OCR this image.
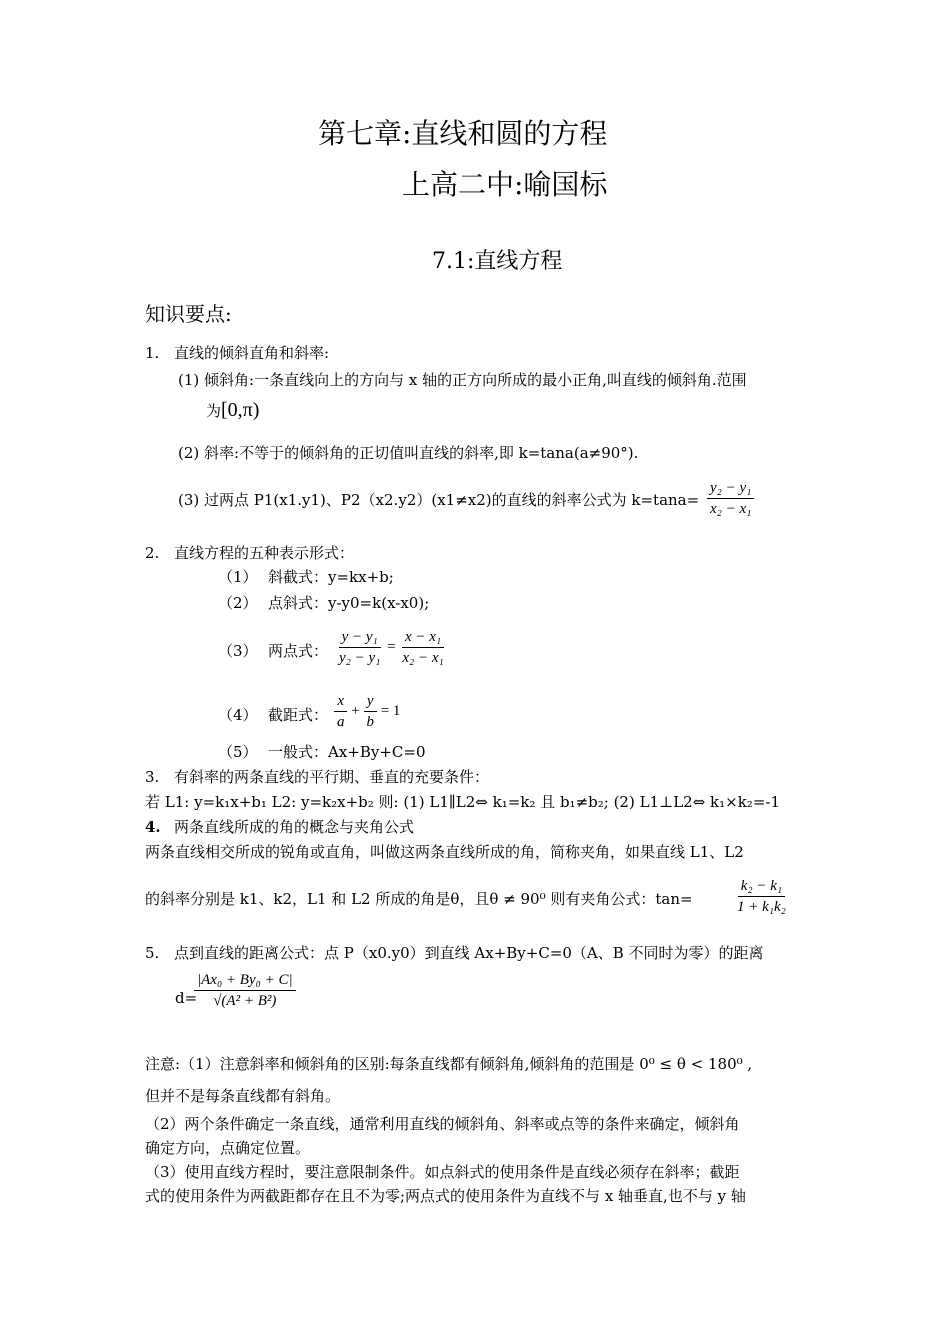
第七章:直线和圆的方程
上高二中:喻国标
7.1:直线方程
知识要点:
1. 直线的倾斜直角和斜率:
(1) 倾斜角:一条直线向上的方向与 x 轴的正方向所成的最小正角,叫直线的倾斜角.范围
为[0,π)
(2) 斜率:不等于的倾斜角的正切值叫直线的斜率,即 k=tana(a≠90°).
(3) 过两点 P1(x1.y1)、P2（x2.y2）(x1≠x2)的直线的斜率公式为 $k=\tan a= \frac{\text{y₂ − y₁}}{\text{x₂ − x₁}}$
2. 直线方程的五种表示形式：
（1） 斜截式：y=kx+b;
（2） 点斜式：y-y0=k(x-x0);
（3） 两点式： $\frac{\text{y − y₁}}{\text{y₂ − y₁}} = \frac{\text{x − x₁}}{\text{x₂ − x₁}}$
（4） 截距式： $\frac{x}{a} + \frac{y}{b} = 1$
（5） 一般式：Ax+By+C=0
3. 有斜率的两条直线的平行期、垂直的充要条件：
若 L1: y=k₁x+b₁ L2: y=k₂x+b₂ 则: (1) L1∥L2⇔ k₁=k₂ 且 b₁≠b₂; (2) L1⊥L2⇔ k₁×k₂=-1
4. 两条直线所成的角的概念与夹角公式
两条直线相交所成的锐角或直角，叫做这两条直线所成的角，简称夹角，如果直线 L1、L2
的斜率分别是 k1、k2，L1 和 L2 所成的角是θ，且θ ≠ 90⁰ 则有夹角公式：tan=	$\frac{\text{k₂ − k₁}}{\text{1 + k₁k₂}}$
5. 点到直线的距离公式：点 P（x0.y0）到直线 Ax+By+C=0（A、B 不同时为零）的距离
d=
$\frac{\text{|Ax₀ + By₀ + C|}}{\text{√(A² + B²)}}$
注意:（1）注意斜率和倾斜角的区别:每条直线都有倾斜角,倾斜角的范围是 0⁰ ≤ θ < 180⁰ ,
但并不是每条直线都有斜角。
（2）两个条件确定一条直线，通常利用直线的倾斜角、斜率或点等的条件来确定，倾斜角
确定方向，点确定位置。
（3）使用直线方程时，要注意限制条件。如点斜式的使用条件是直线必须存在斜率；截距
式的使用条件为两截距都存在且不为零;两点式的使用条件为直线不与 x 轴垂直,也不与 y 轴
